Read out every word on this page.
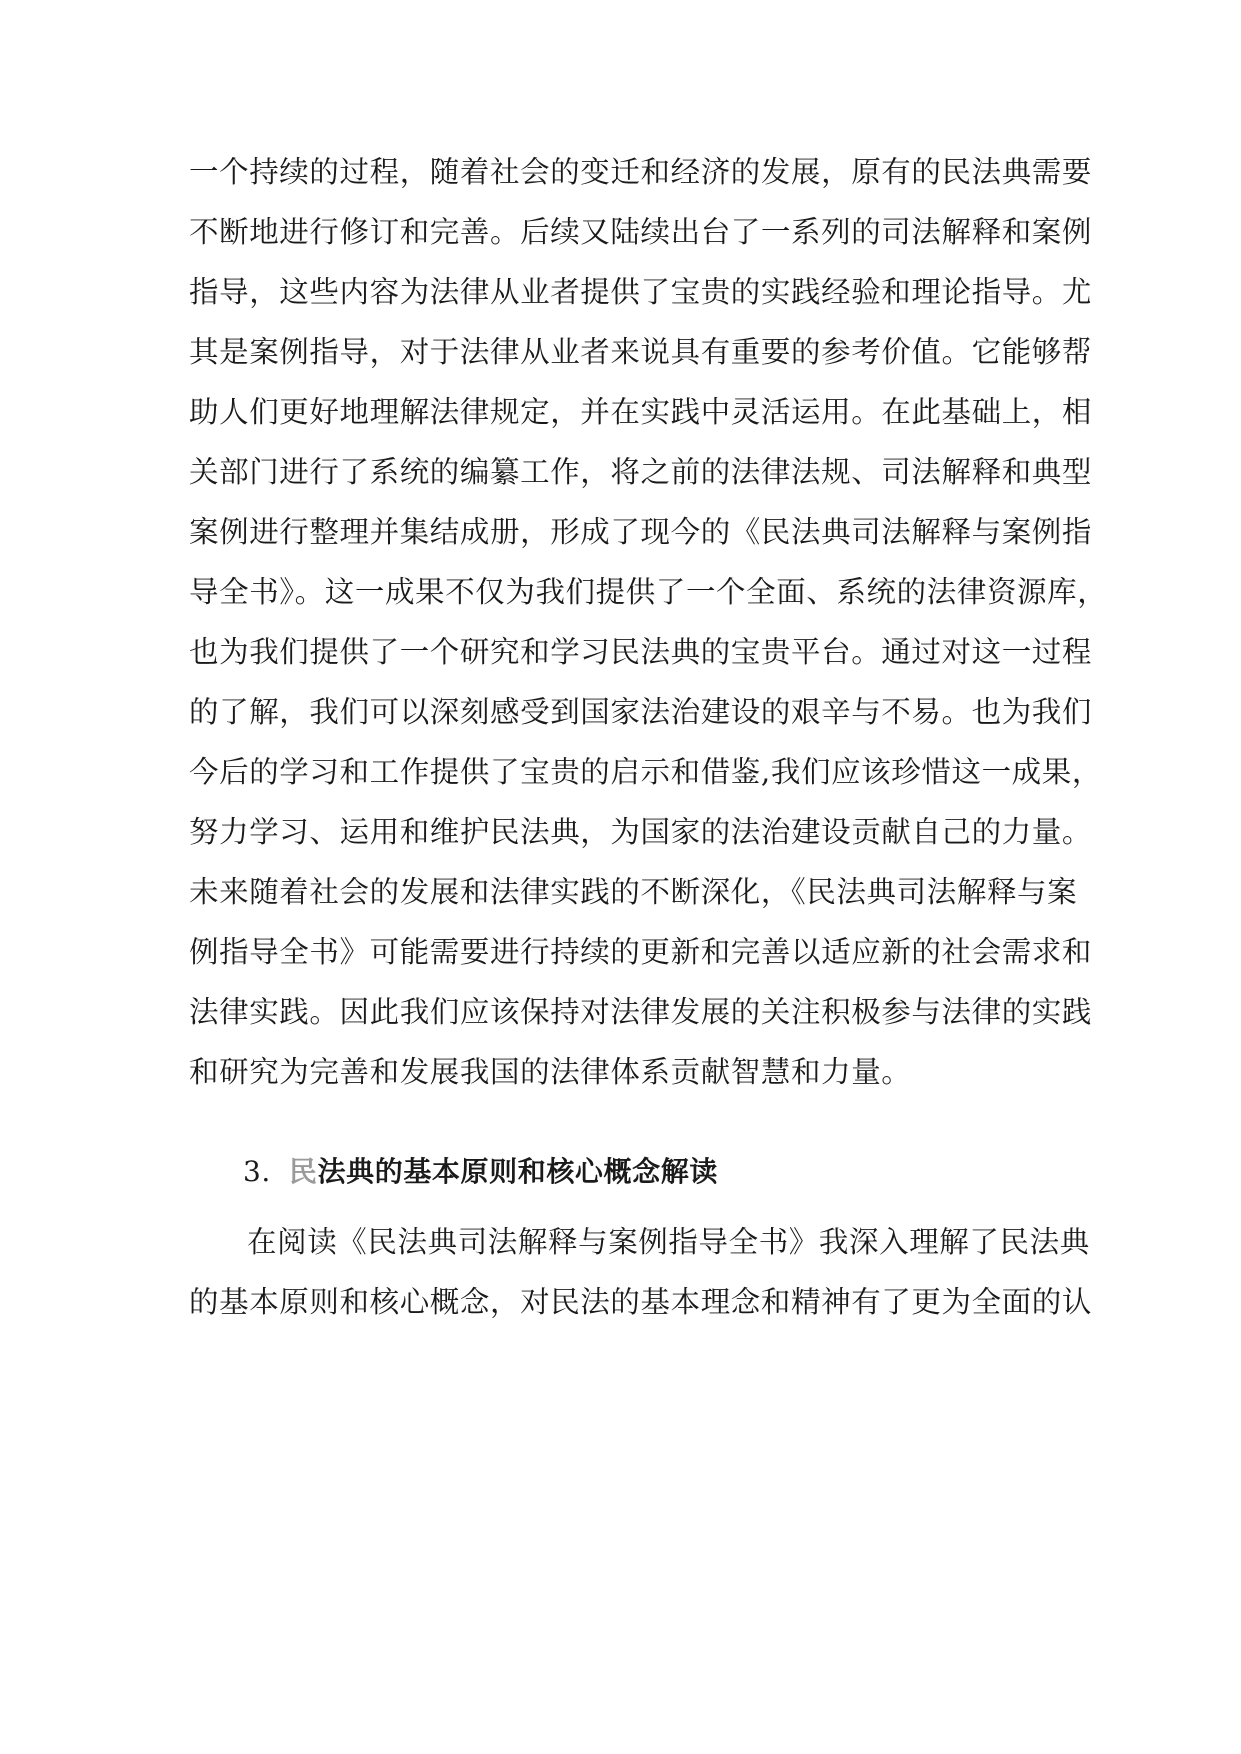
一个持续的过程，随着社会的变迁和经济的发展，原有的民法典需要
不断地进行修订和完善。后续又陆续出台了一系列的司法解释和案例
指导，这些内容为法律从业者提供了宝贵的实践经验和理论指导。尤
其是案例指导，对于法律从业者来说具有重要的参考价值。它能够帮
助人们更好地理解法律规定，并在实践中灵活运用。在此基础上，相
关部门进行了系统的编纂工作，将之前的法律法规、司法解释和典型
案例进行整理并集结成册，形成了现今的《民法典司法解释与案例指
导全书》。这一成果不仅为我们提供了一个全面、系统的法律资源库，
也为我们提供了一个研究和学习民法典的宝贵平台。通过对这一过程
的了解，我们可以深刻感受到国家法治建设的艰辛与不易。也为我们
今后的学习和工作提供了宝贵的启示和借鉴,我们应该珍惜这一成果，
努力学习、运用和维护民法典，为国家的法治建设贡献自己的力量。
未来随着社会的发展和法律实践的不断深化，《民法典司法解释与案
例指导全书》可能需要进行持续的更新和完善以适应新的社会需求和
法律实践。因此我们应该保持对法律发展的关注积极参与法律的实践
和研究为完善和发展我国的法律体系贡献智慧和力量。
3. 民法典的基本原则和核心概念解读
在阅读《民法典司法解释与案例指导全书》我深入理解了民法典
的基本原则和核心概念，对民法的基本理念和精神有了更为全面的认
